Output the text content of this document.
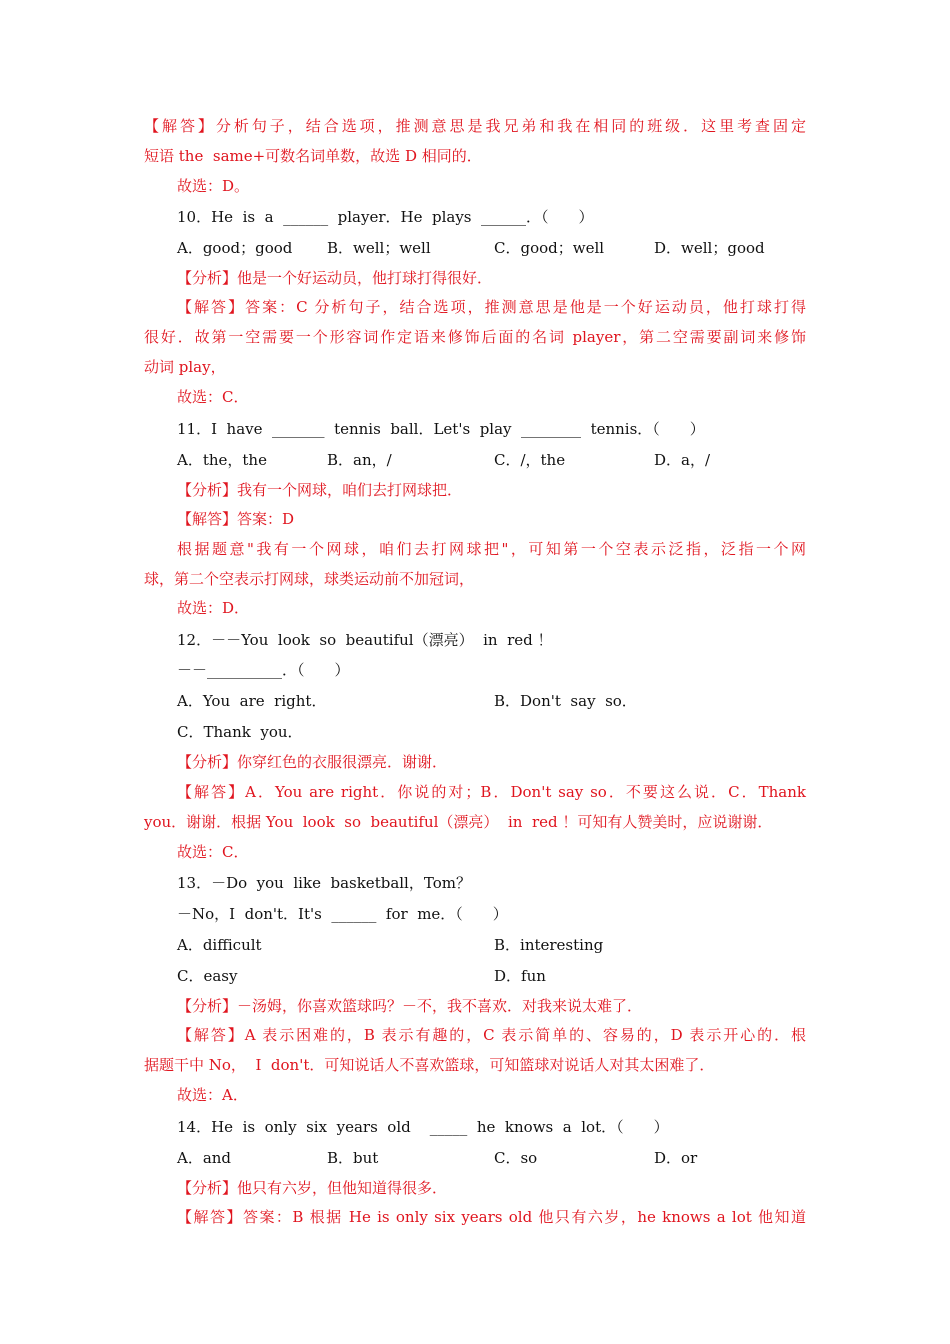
【解答】分析句子，结合选项，推测意思是我兄弟和我在相同的班级．这里考查固定
短语 the  same+可数名词单数，故选 D 相同的．
故选：D。
10．He  is  a  ______  player．He  plays  ______．（　　）
A．good；good B．well；well	C．good；well	D．well；good
【分析】他是一个好运动员，他打球打得很好．
【解答】答案：C 分析句子，结合选项，推测意思是他是一个好运动员，他打球打得
很好．故第一空需要一个形容词作定语来修饰后面的名词 player，第二空需要副词来修饰
动词 play，
故选：C．
11．I  have  _______  tennis  ball．Let's  play  ________  tennis．（　　）
A．the，the	B．an，/	C．/，the	D．a，/
【分析】我有一个网球，咱们去打网球把．
【解答】答案：D
根据题意"我有一个网球，咱们去打网球把"，可知第一个空表示泛指，泛指一个网
球，第二个空表示打网球，球类运动前不加冠词，
故选：D．
12．－－You  look  so  beautiful（漂亮）  in  red ！
－－__________．（　　）
A．You  are  right．	B．Don't  say  so．
C．Thank  you．
【分析】你穿红色的衣服很漂亮．谢谢．
【解答】A．You are right．你说的对；B．Don't say so．不要这么说．C．Thank
you．谢谢．根据 You  look  so  beautiful（漂亮）  in  red ！可知有人赞美时，应说谢谢．
故选：C．
13．－Do  you  like  basketball，Tom？
－No，I  don't．It's  ______  for  me．（　　）
A．difficult	B．interesting
C．easy	D．fun
【分析】－汤姆，你喜欢篮球吗？－不，我不喜欢．对我来说太难了．
【解答】A 表示困难的，B 表示有趣的，C 表示简单的、容易的，D 表示开心的．根
据题干中 No，  I  don't．可知说话人不喜欢篮球，可知篮球对说话人对其太困难了．
故选：A．
14．He  is  only  six  years  old    _____  he  knows  a  lot．（　　）
A．and	B．but	C．so	D．or
【分析】他只有六岁，但他知道得很多．
【解答】答案：B 根据 He is only six years old 他只有六岁，he knows a lot 他知道
